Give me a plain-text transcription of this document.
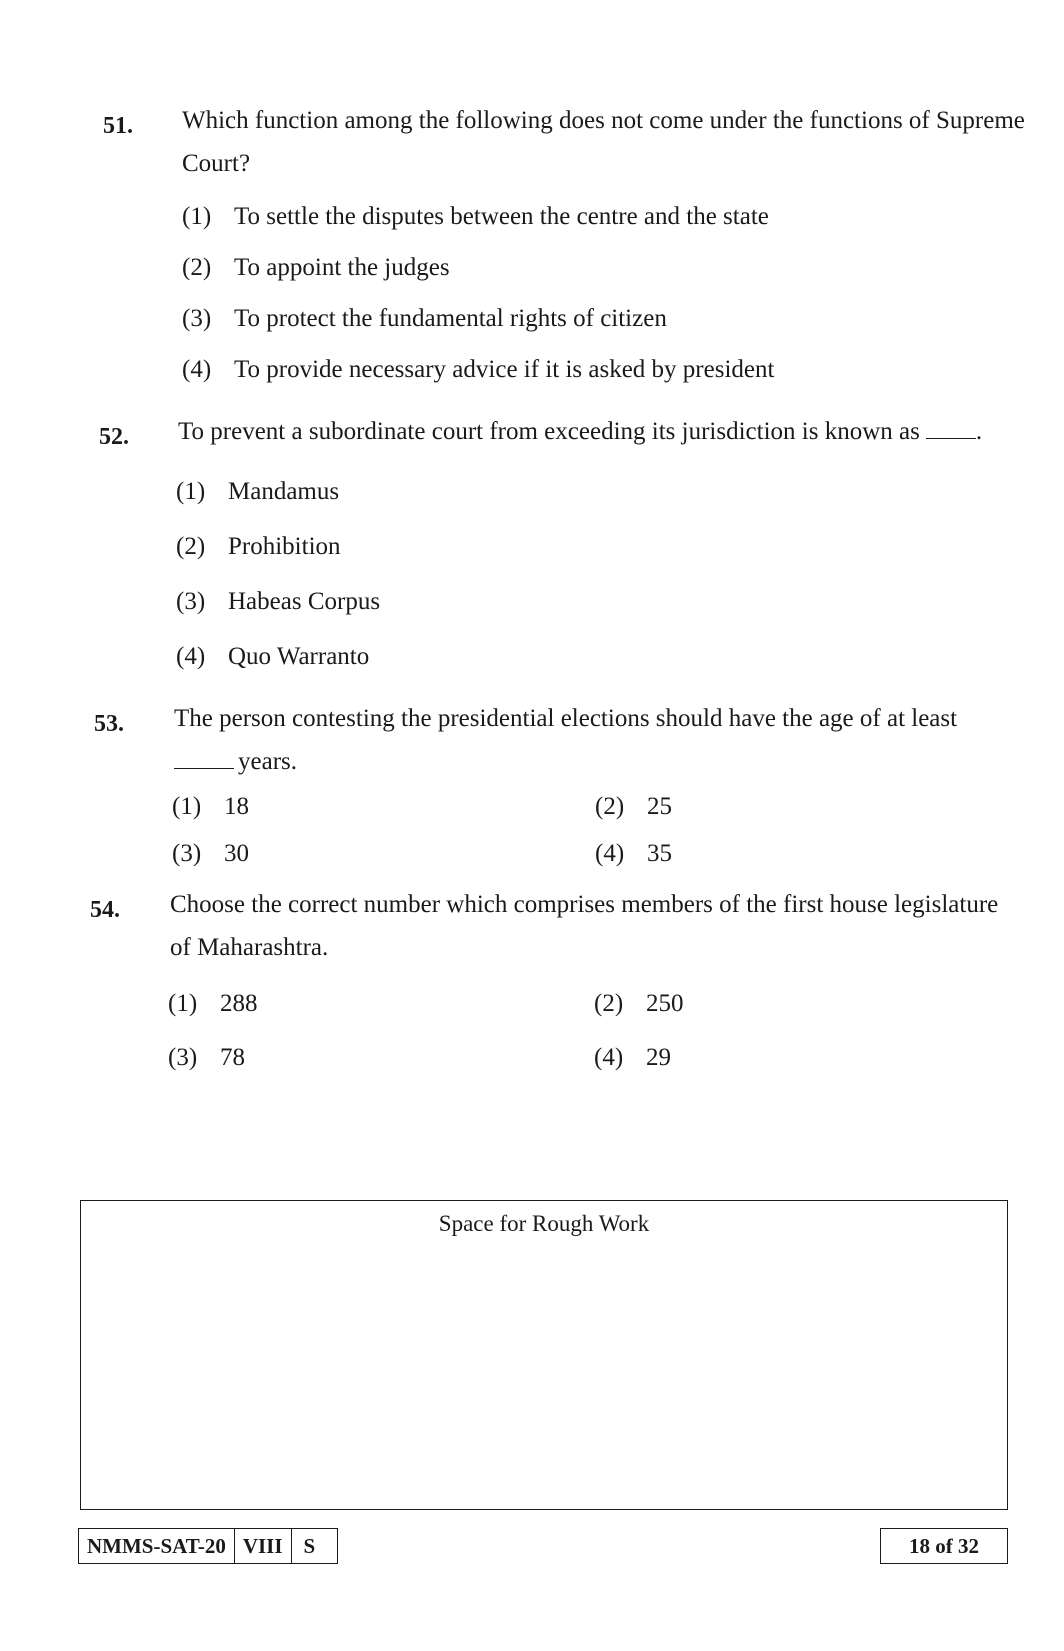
51. Which function among the following does not come under the functions of Supreme
Court?
(1) To settle the disputes between the centre and the state
(2) To appoint the judges
(3) To protect the fundamental rights of citizen
(4) To provide necessary advice if it is asked by president
52. To prevent a subordinate court from exceeding its jurisdiction is known as .
(1) Mandamus
(2) Prohibition
(3) Habeas Corpus
(4) Quo Warranto
53. The person contesting the presidential elections should have the age of at least
years.
(1) 18	(2) 25
(3) 30	(4) 35
54. Choose the correct number which comprises members of the first house legislature
of Maharashtra.
(1) 288	(2) 250
(3) 78	(4) 29
Space for Rough Work
NMMS-SAT-20 VIII	S	18 of 32
